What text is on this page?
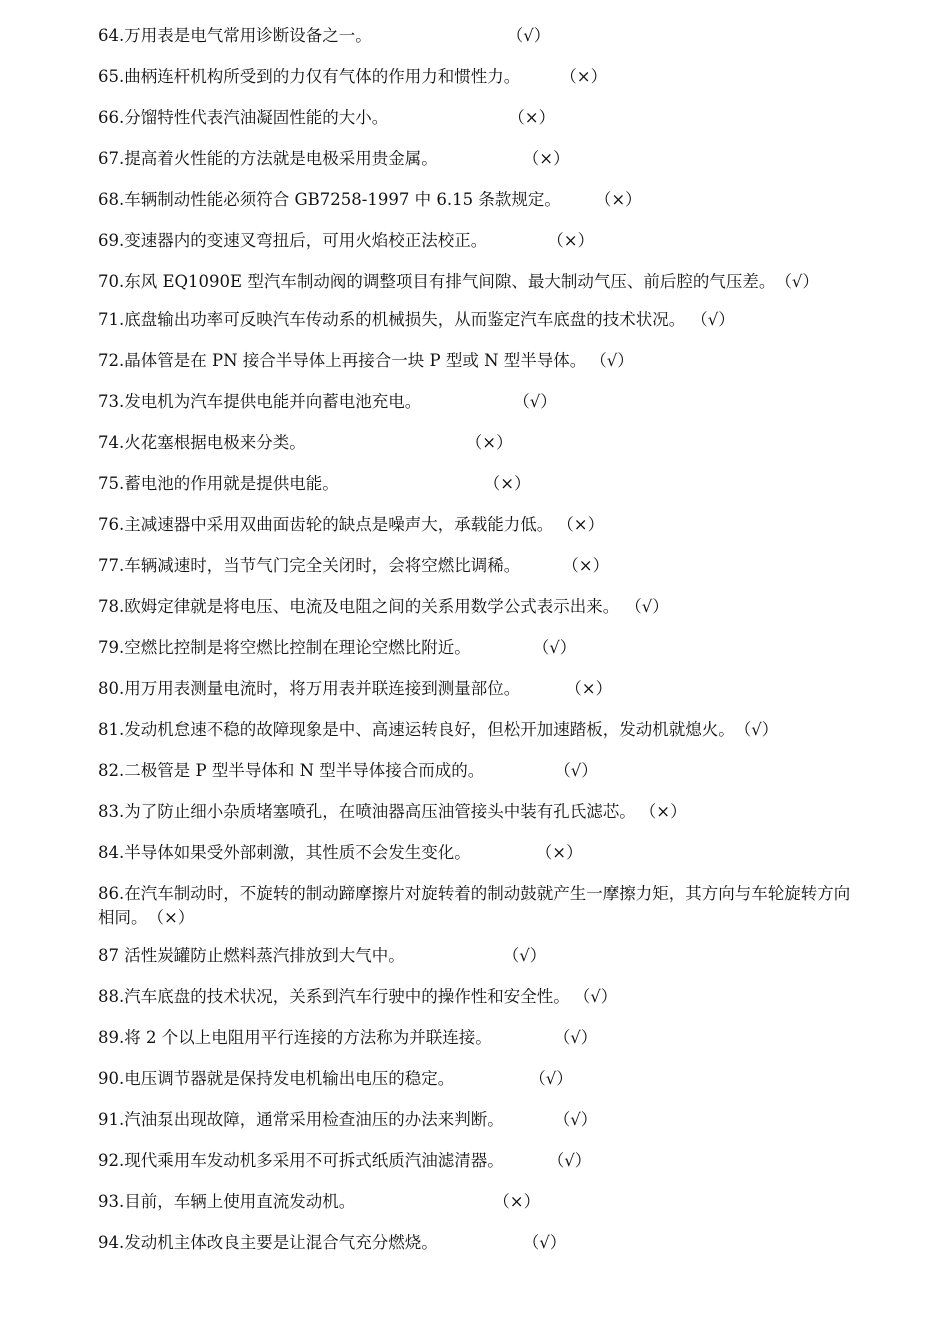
64.万用表是电气常用诊断设备之一。	（√）
65.曲柄连杆机构所受到的力仅有气体的作用力和惯性力。 （×）
66.分馏特性代表汽油凝固性能的大小。	（×）
67.提高着火性能的方法就是电极采用贵金属。	（×）
68.车辆制动性能必须符合 GB7258-1997 中 6.15 条款规定。 （×）
69.变速器内的变速叉弯扭后，可用火焰校正法校正。	（×）
70.东风 EQ1090E 型汽车制动阀的调整项目有排气间隙、最大制动气压、前后腔的气压差。（√）
71.底盘输出功率可反映汽车传动系的机械损失，从而鉴定汽车底盘的技术状况。 （√）
72.晶体管是在 PN 接合半导体上再接合一块 P 型或 N 型半导体。 （√）
73.发电机为汽车提供电能并向蓄电池充电。	（√）
74.火花塞根据电极来分类。	（×）
75.蓄电池的作用就是提供电能。	（×）
76.主减速器中采用双曲面齿轮的缺点是噪声大，承载能力低。 （×）
77.车辆减速时，当节气门完全关闭时，会将空燃比调稀。	（×）
78.欧姆定律就是将电压、电流及电阻之间的关系用数学公式表示出来。 （√）
79.空燃比控制是将空燃比控制在理论空燃比附近。	（√）
80.用万用表测量电流时，将万用表并联连接到测量部位。	（×）
81.发动机怠速不稳的故障现象是中、高速运转良好，但松开加速踏板，发动机就熄火。（√）
82.二极管是 P 型半导体和 N 型半导体接合而成的。	（√）
83.为了防止细小杂质堵塞喷孔，在喷油器高压油管接头中装有孔氏滤芯。 （×）
84.半导体如果受外部刺激，其性质不会发生变化。	（×）
86.在汽车制动时，不旋转的制动蹄摩擦片对旋转着的制动鼓就产生一摩擦力矩，其方向与车轮旋转方向相同。（×）
87 活性炭罐防止燃料蒸汽排放到大气中。	（√）
88.汽车底盘的技术状况，关系到汽车行驶中的操作性和安全性。 （√）
89.将 2 个以上电阻用平行连接的方法称为并联连接。	（√）
90.电压调节器就是保持发电机输出电压的稳定。	（√）
91.汽油泵出现故障，通常采用检查油压的办法来判断。	（√）
92.现代乘用车发动机多采用不可拆式纸质汽油滤清器。	（√）
93.目前，车辆上使用直流发动机。	（×）
94.发动机主体改良主要是让混合气充分燃烧。	（√）
